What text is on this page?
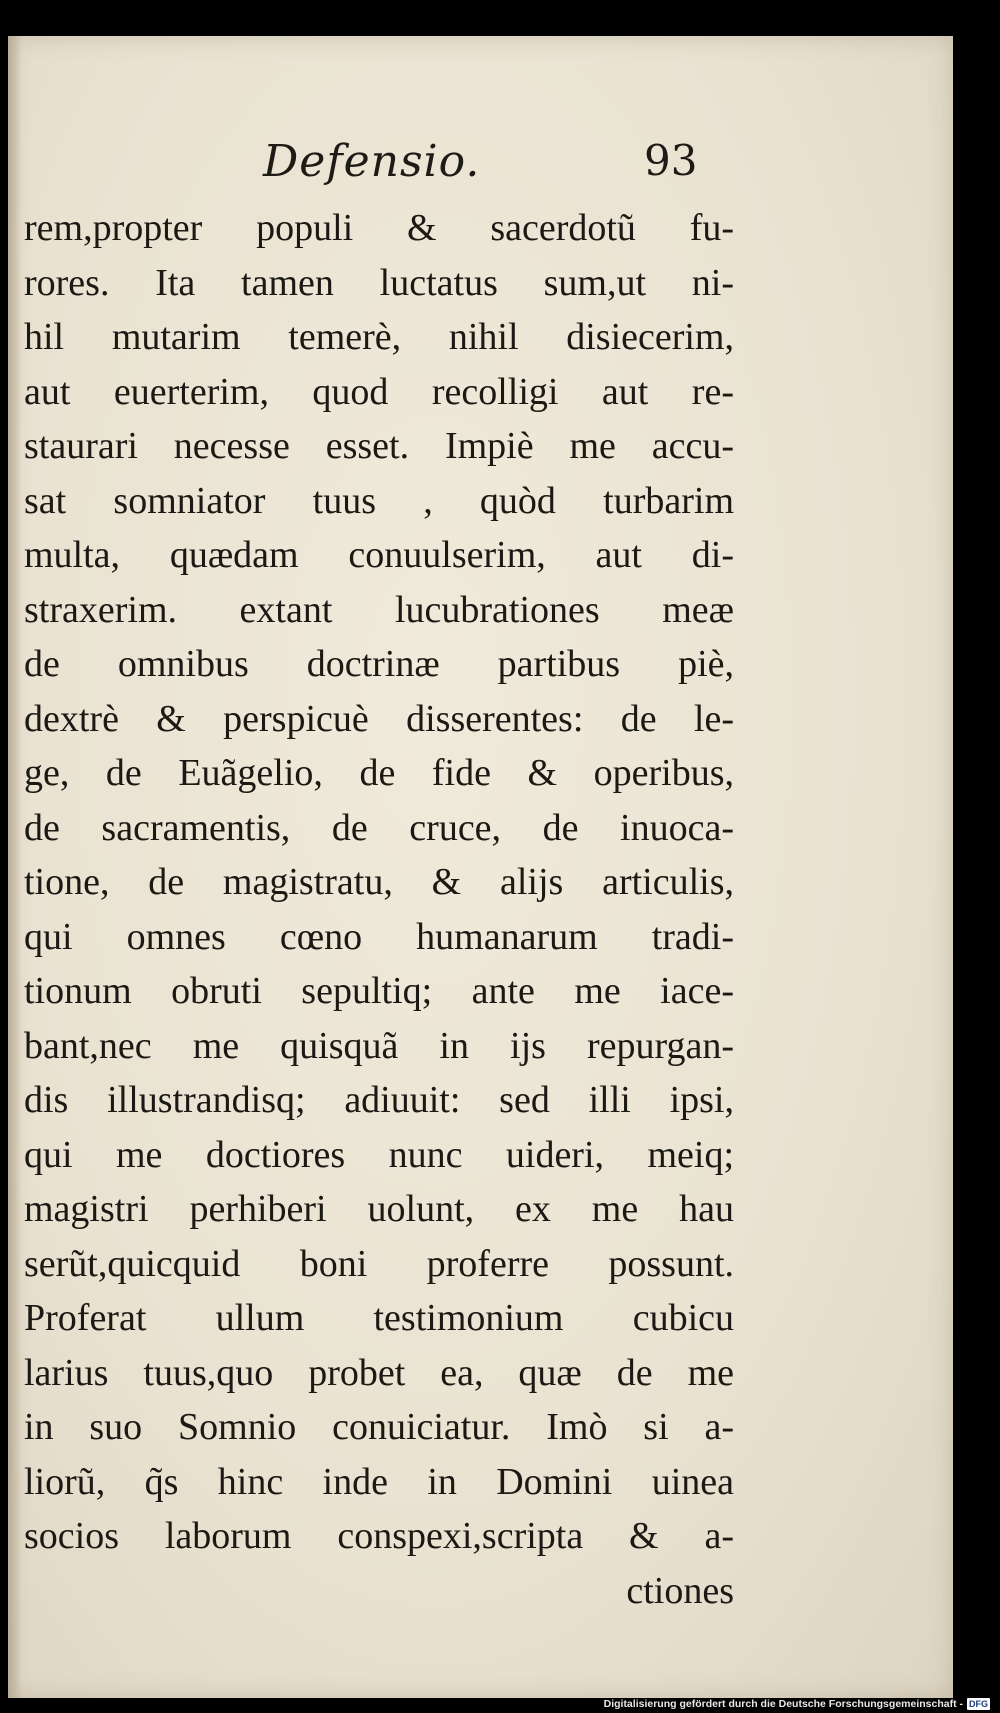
Defensio.	93
rem,propter populi & sacerdotũ fu-
rores. Ita tamen luctatus sum,ut ni-
hil mutarim temerè, nihil disiecerim,
aut euerterim, quod recolligi aut re-
staurari necesse esset. Impiè me accu-
sat somniator tuus , quòd turbarim
multa, quædam conuulserim, aut di-
straxerim. extant lucubrationes meæ
de omnibus doctrinæ partibus piè,
dextrè & perspicuè disserentes: de le-
ge, de Euãgelio, de fide & operibus,
de sacramentis, de cruce, de inuoca-
tione, de magistratu, & alijs articulis,
qui omnes cœno humanarum tradi-
tionum obruti sepultiq; ante me iace-
bant,nec me quisquã in ijs repurgan-
dis illustrandisq; adiuuit: sed illi ipsi,
qui me doctiores nunc uideri, meiq;
magistri perhiberi uolunt, ex me hau
serũt,quicquid boni proferre possunt.
Proferat ullum testimonium cubicu
larius tuus,quo probet ea, quæ de me
in suo Somnio conuiciatur. Imò si a-
liorũ, q̃s hinc inde in Domini uinea
socios laborum conspexi,scripta & a-
ctiones
Digitalisierung gefördert durch die Deutsche Forschungsgemeinschaft - DFG
